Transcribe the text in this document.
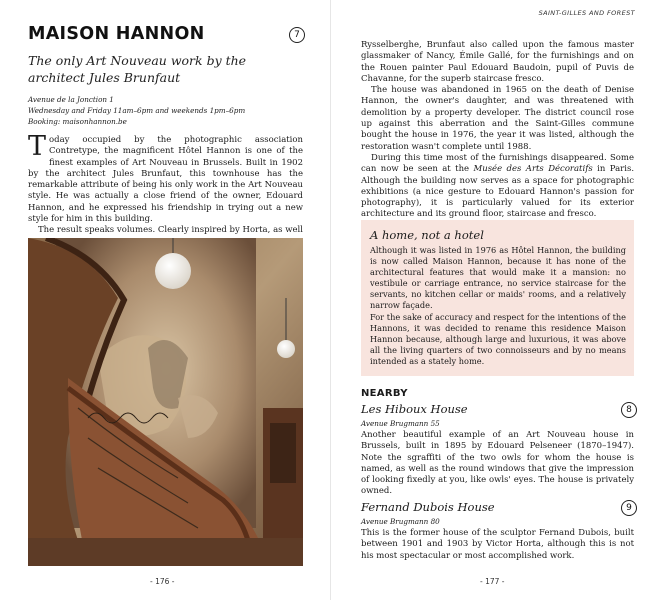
MAISON HANNON	7
The only Art Nouveau work by the architect Jules Brunfaut
Avenue de la Jonction 1
Wednesday and Friday 11am–6pm and weekends 1pm–6pm
Booking: maisonhannon.be

Today occupied by the photographic association Contretype, the magnificent Hôtel Hannon is one of the finest examples of Art Nouveau in Brussels. Built in 1902 by the architect Jules Brunfaut, this townhouse has the remarkable attribute of being his only work in the Art Nouveau style. He was actually a close friend of the owner, Edouard Hannon, and he expressed his friendship in trying out a new style for him in this building.

The result speaks volumes. Clearly inspired by Horta, as well

- 176 -
SAINT-GILLES AND FOREST

Rysselberghe, Brunfaut also called upon the famous master glassmaker of Nancy, Émile Gallé, for the furnishings and on the Rouen painter Paul Edouard Baudoin, pupil of Puvis de Chavanne, for the superb staircase fresco.

The house was abandoned in 1965 on the death of Denise Hannon, the owner's daughter, and was threatened with demolition by a property developer. The district council rose up against this aberration and the Saint-Gilles commune bought the house in 1976, the year it was listed, although the restoration wasn't complete until 1988.

During this time most of the furnishings disappeared. Some can now be seen at the Musée des Arts Décoratifs in Paris. Although the building now serves as a space for photographic exhibitions (a nice gesture to Edouard Hannon's passion for photography), it is particularly valued for its exterior architecture and its ground floor, staircase and fresco.

A home, not a hotel

Although it was listed in 1976 as Hôtel Hannon, the building is now called Maison Hannon, because it has none of the architectural features that would make it a mansion: no vestibule or carriage entrance, no service staircase for the servants, no kitchen cellar or maids' rooms, and a relatively narrow façade.

For the sake of accuracy and respect for the intentions of the Hannons, it was decided to rename this residence Maison Hannon because, although large and luxurious, it was above all the living quarters of two connoisseurs and by no means intended as a stately home.

NEARBY
Les Hiboux House	8
Avenue Brugmann 55
Another beautiful example of an Art Nouveau house in Brussels, built in 1895 by Edouard Pelseneer (1870–1947). Note the sgraffiti of the two owls for whom the house is named, as well as the round windows that give the impression of looking fixedly at you, like owls' eyes. The house is privately owned.
Fernand Dubois House	9
Avenue Brugmann 80
This is the former house of the sculptor Fernand Dubois, built between 1901 and 1903 by Victor Horta, although this is not his most spectacular or most accomplished work.
- 177 -
